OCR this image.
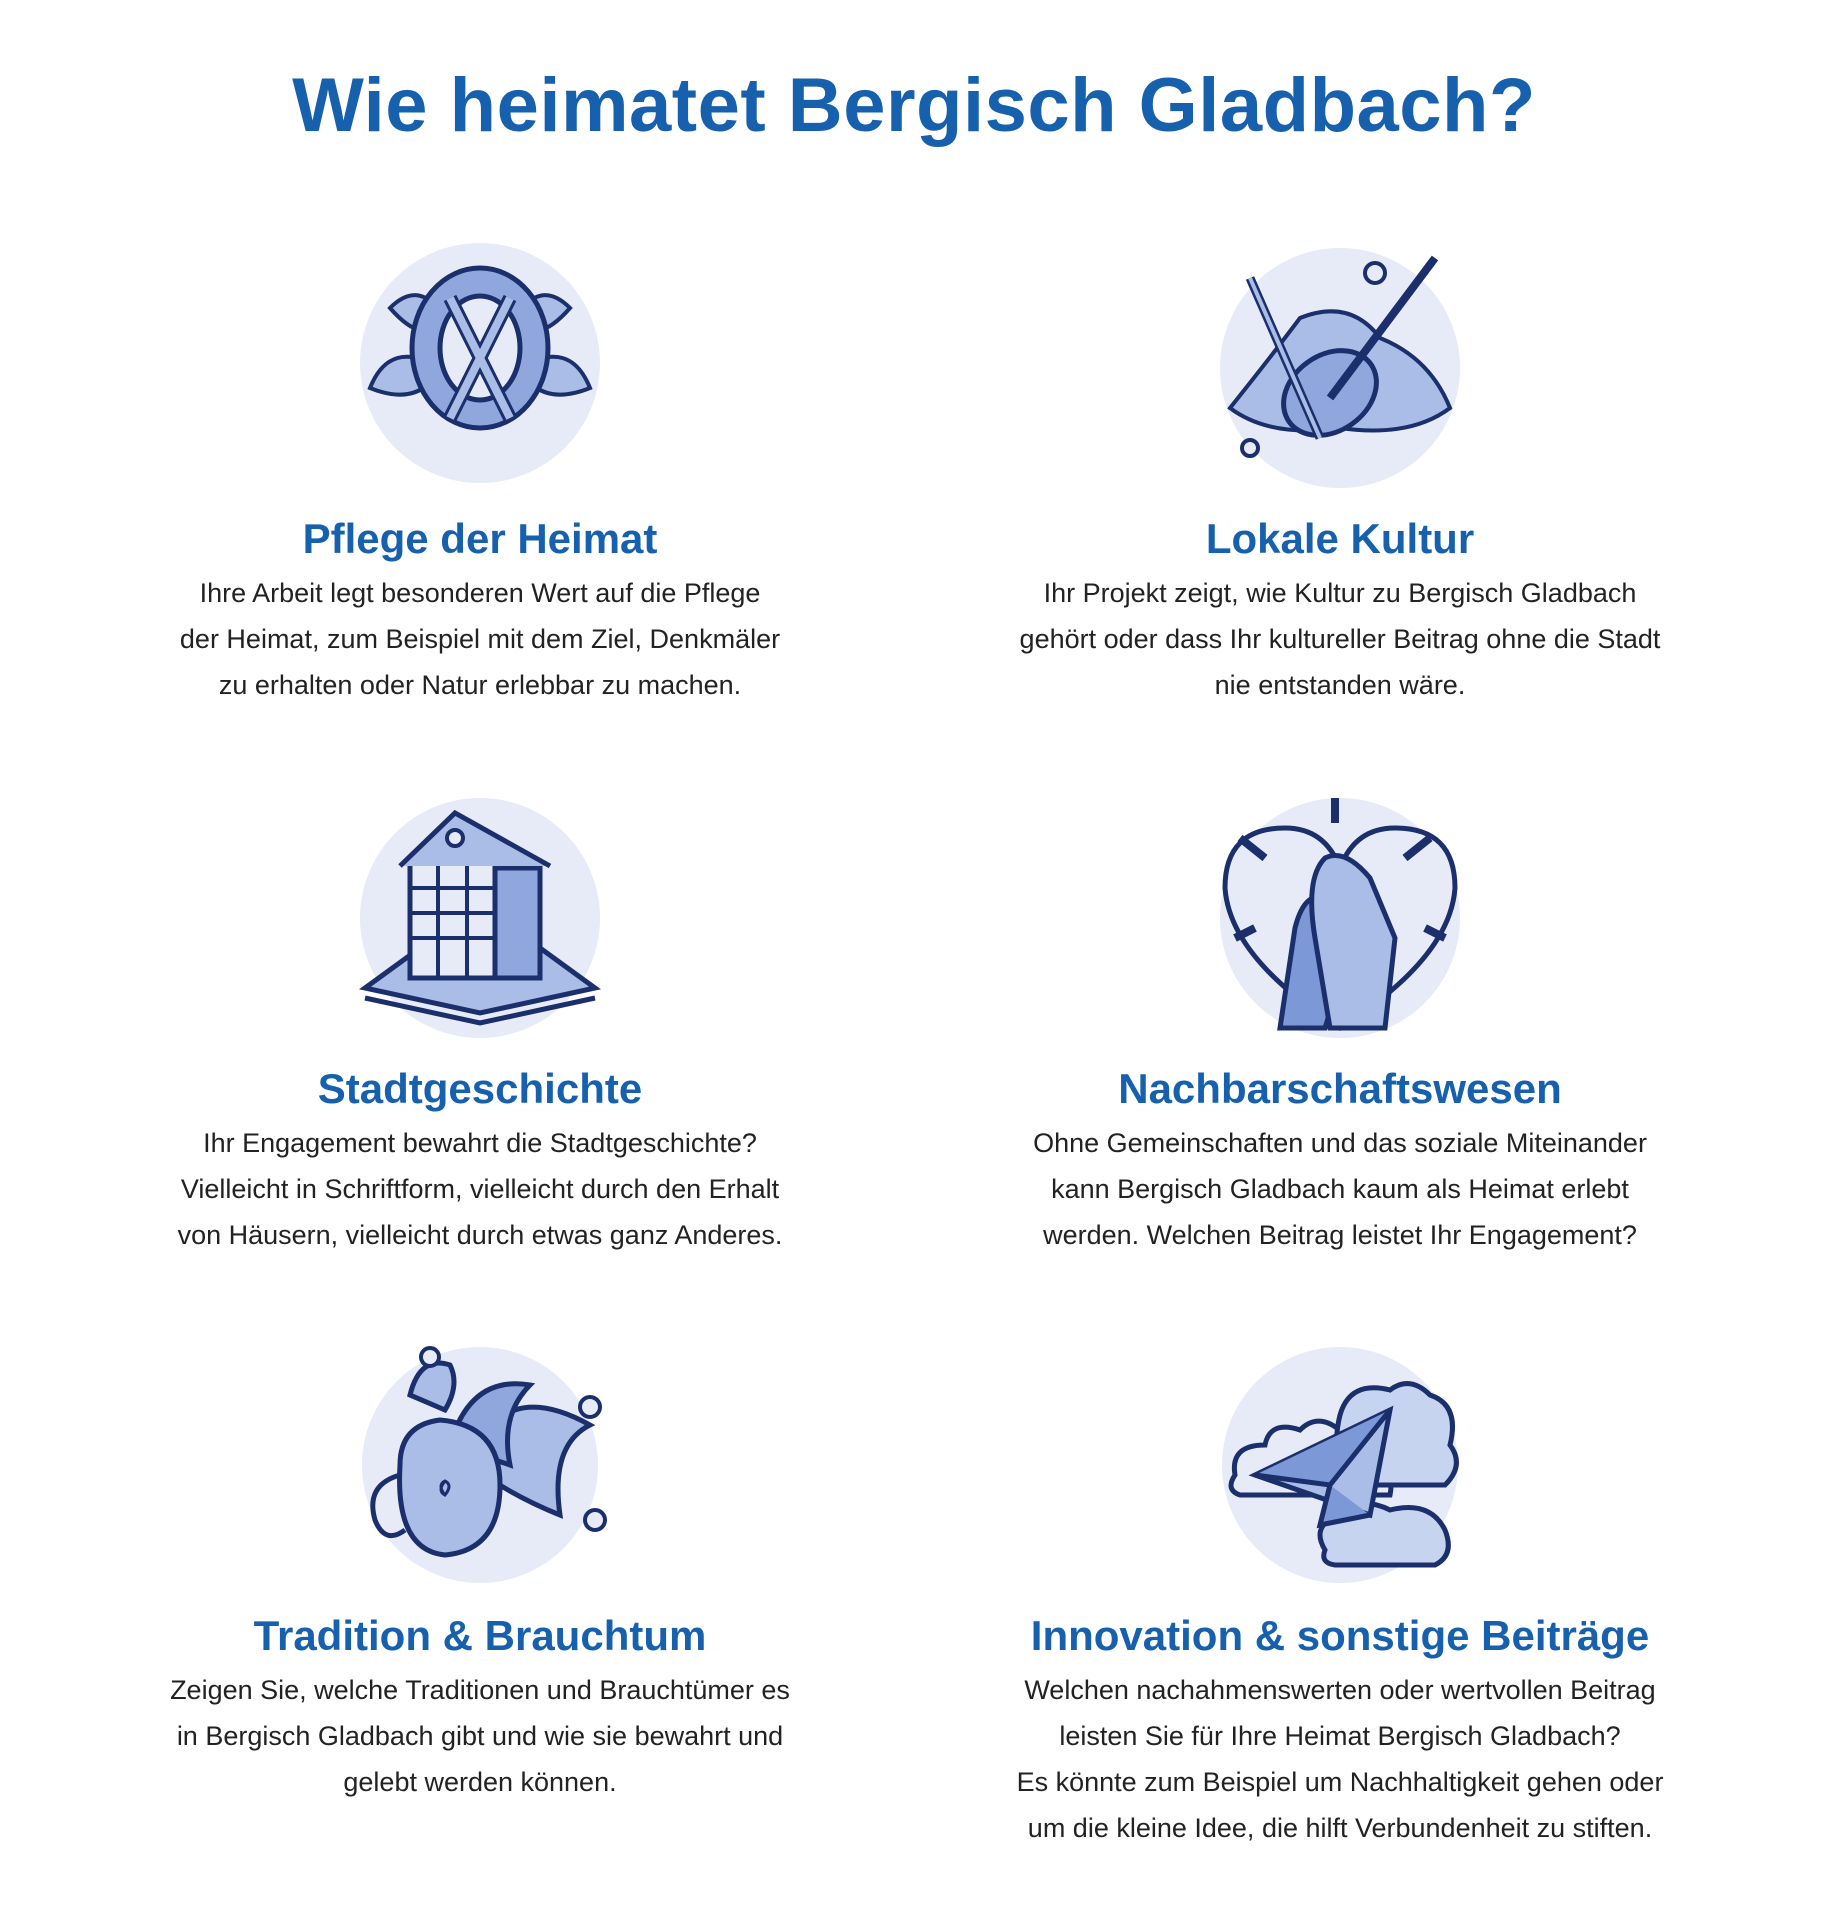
Wie heimatet Bergisch Gladbach?
Pflege der Heimat
Ihre Arbeit legt besonderen Wert auf die Pflege
der Heimat, zum Beispiel mit dem Ziel, Denkmäler
zu erhalten oder Natur erlebbar zu machen.
Lokale Kultur
Ihr Projekt zeigt, wie Kultur zu Bergisch Gladbach
gehört oder dass Ihr kultureller Beitrag ohne die Stadt
nie entstanden wäre.
Stadtgeschichte
Ihr Engagement bewahrt die Stadtgeschichte?
Vielleicht in Schriftform, vielleicht durch den Erhalt
von Häusern, vielleicht durch etwas ganz Anderes.
Nachbarschaftswesen
Ohne Gemeinschaften und das soziale Miteinander
kann Bergisch Gladbach kaum als Heimat erlebt
werden. Welchen Beitrag leistet Ihr Engagement?
Tradition & Brauchtum
Zeigen Sie, welche Traditionen und Brauchtümer es
in Bergisch Gladbach gibt und wie sie bewahrt und
gelebt werden können.
Innovation & sonstige Beiträge
Welchen nachahmenswerten oder wertvollen Beitrag
leisten Sie für Ihre Heimat Bergisch Gladbach?
Es könnte zum Beispiel um Nachhaltigkeit gehen oder
um die kleine Idee, die hilft Verbundenheit zu stiften.
